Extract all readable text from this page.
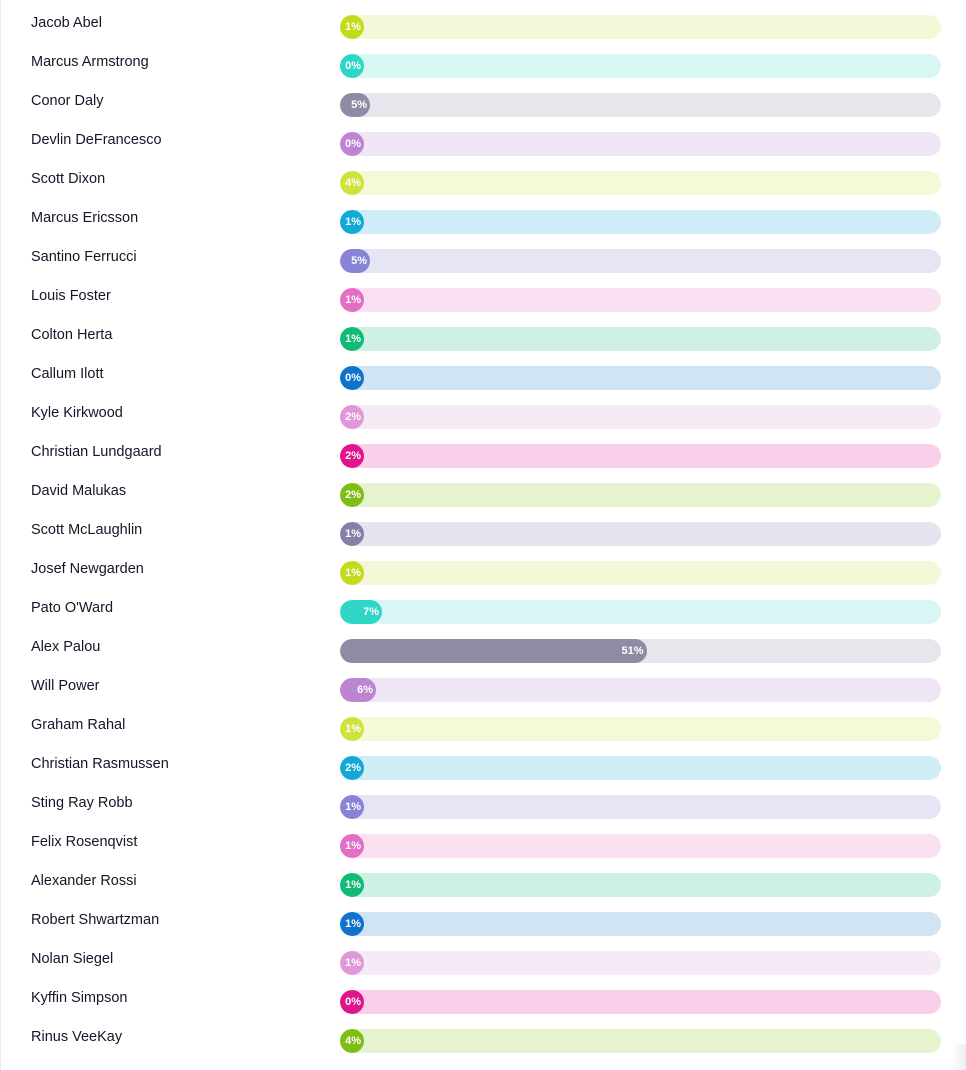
Jacob Abel	1%
Marcus Armstrong	0%
Conor Daly	5%
Devlin DeFrancesco	0%
Scott Dixon	4%
Marcus Ericsson	1%
Santino Ferrucci	5%
Louis Foster	1%
Colton Herta	1%
Callum Ilott	0%
Kyle Kirkwood	2%
Christian Lundgaard	2%
David Malukas	2%
Scott McLaughlin	1%
Josef Newgarden	1%
Pato O'Ward	7%
Alex Palou	51%
Will Power	6%
Graham Rahal	1%
Christian Rasmussen	2%
Sting Ray Robb	1%
Felix Rosenqvist	1%
Alexander Rossi	1%
Robert Shwartzman	1%
Nolan Siegel	1%
Kyffin Simpson	0%
Rinus VeeKay	4%
